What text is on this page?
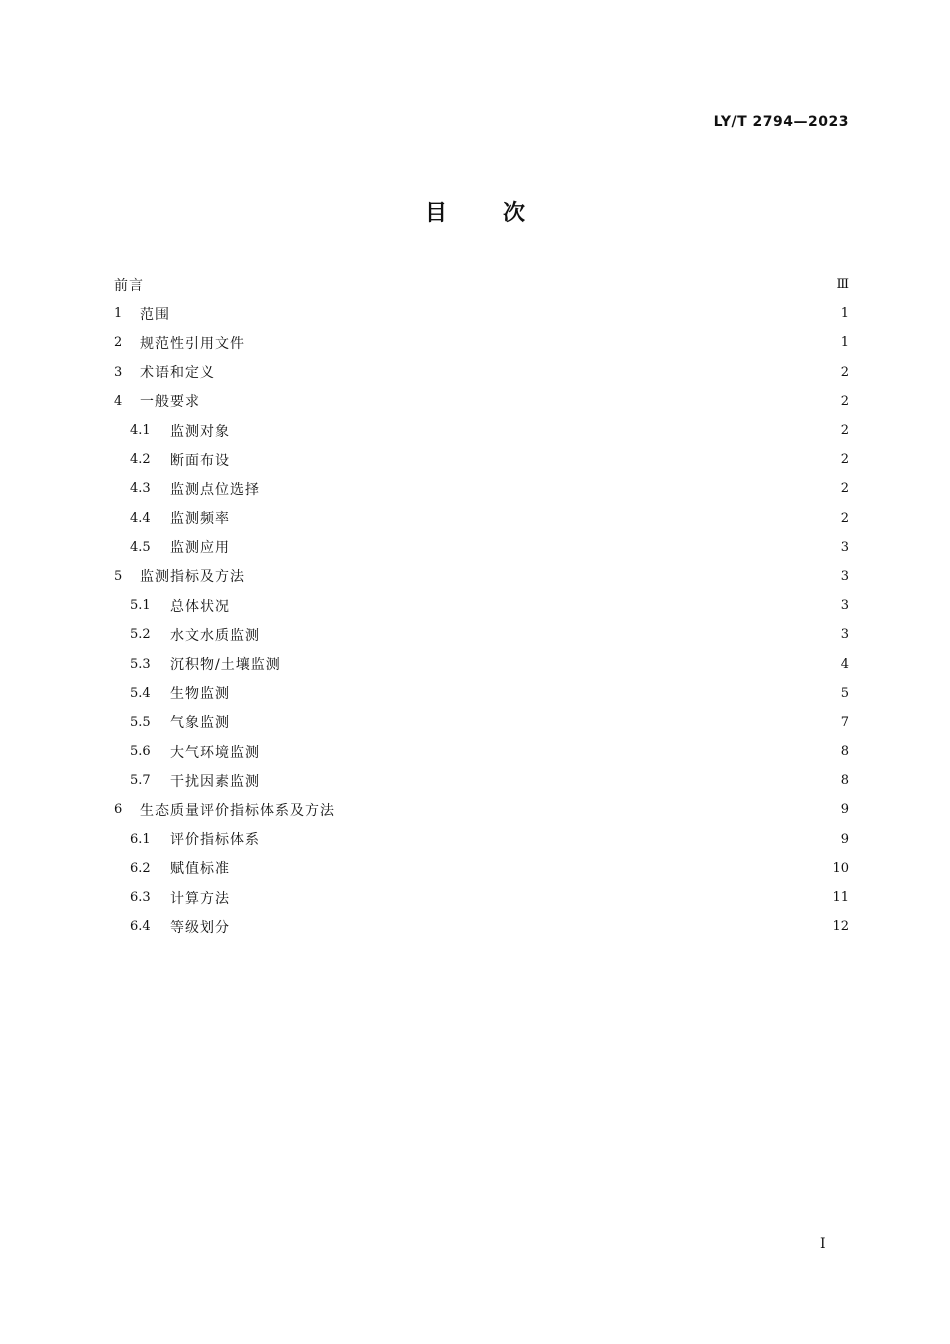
LY/T 2794—2023
目次
前言	Ⅲ
1	范围	1
2	规范性引用文件	1
3	术语和定义	2
4	一般要求	2
4.1	监测对象	2
4.2	断面布设	2
4.3	监测点位选择	2
4.4	监测频率	2
4.5	监测应用	3
5	监测指标及方法	3
5.1	总体状况	3
5.2	水文水质监测	3
5.3	沉积物/土壤监测	4
5.4	生物监测	5
5.5	气象监测	7
5.6	大气环境监测	8
5.7	干扰因素监测	8
6	生态质量评价指标体系及方法	9
6.1	评价指标体系	9
6.2	赋值标准	10
6.3	计算方法	11
6.4	等级划分	12
Ⅰ
